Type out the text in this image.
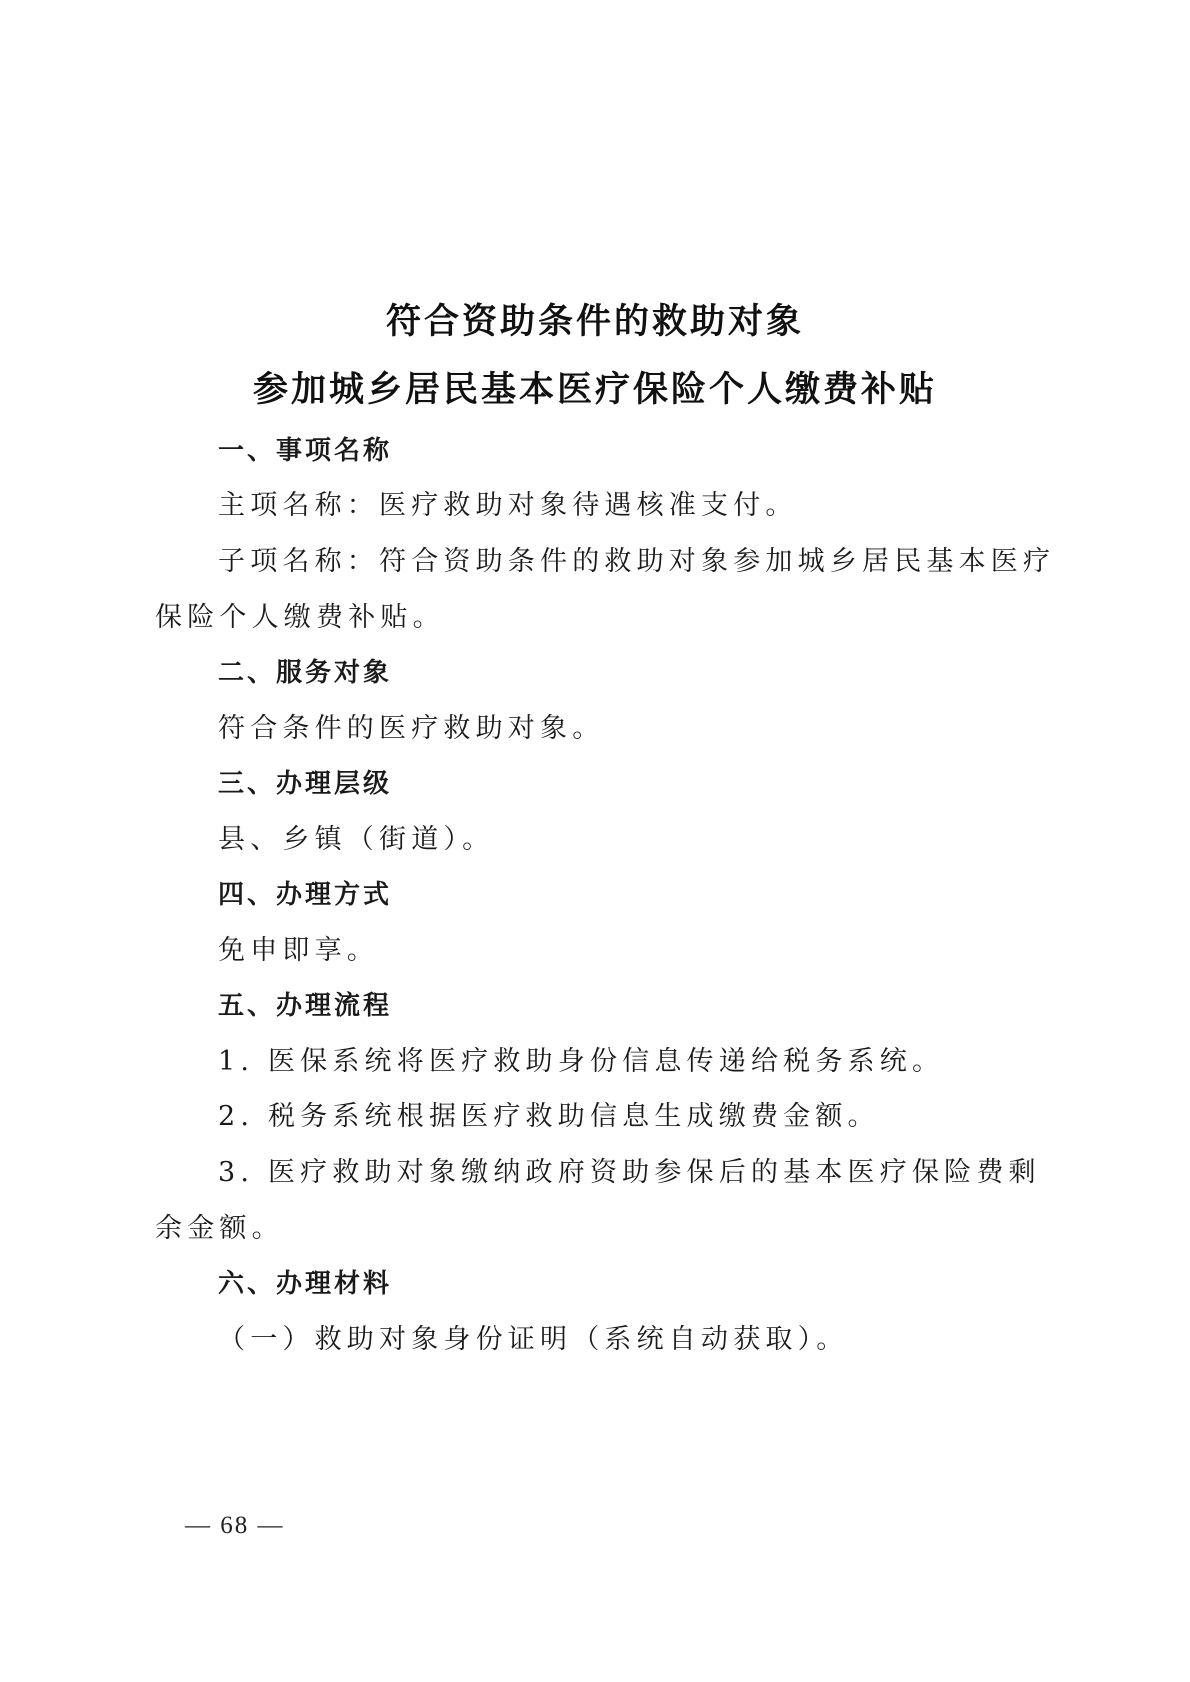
符合资助条件的救助对象
参加城乡居民基本医疗保险个人缴费补贴
一、事项名称
主项名称：医疗救助对象待遇核准支付。
子项名称：符合资助条件的救助对象参加城乡居民基本医疗
保险个人缴费补贴。
二、服务对象
符合条件的医疗救助对象。
三、办理层级
县、乡镇（街道）。
四、办理方式
免申即享。
五、办理流程
1. 医保系统将医疗救助身份信息传递给税务系统。
2. 税务系统根据医疗救助信息生成缴费金额。
3. 医疗救助对象缴纳政府资助参保后的基本医疗保险费剩
余金额。
六、办理材料
（一）救助对象身份证明（系统自动获取）。
— 68 —
